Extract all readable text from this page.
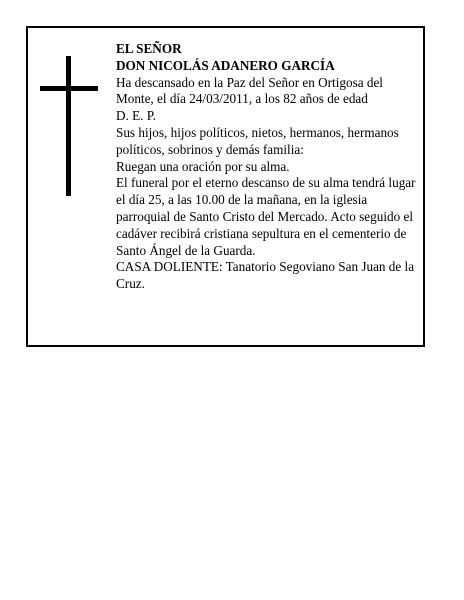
EL SEÑOR

DON NICOLÁS ADANERO GARCÍA

Ha descansado en la Paz del Señor en Ortigosa del Monte, el día 24/03/2011, a los 82 años de edad

D. E. P.

Sus hijos, hijos políticos, nietos, hermanos, hermanos políticos, sobrinos y demás familia:

Ruegan una oración por su alma.

El funeral por el eterno descanso de su alma tendrá lugar el día 25, a las 10.00 de la mañana, en la iglesia parroquial de Santo Cristo del Mercado. Acto seguido el cadáver recibirá cristiana sepultura en el cementerio de Santo Ángel de la Guarda.

CASA DOLIENTE: Tanatorio Segoviano San Juan de la Cruz.
